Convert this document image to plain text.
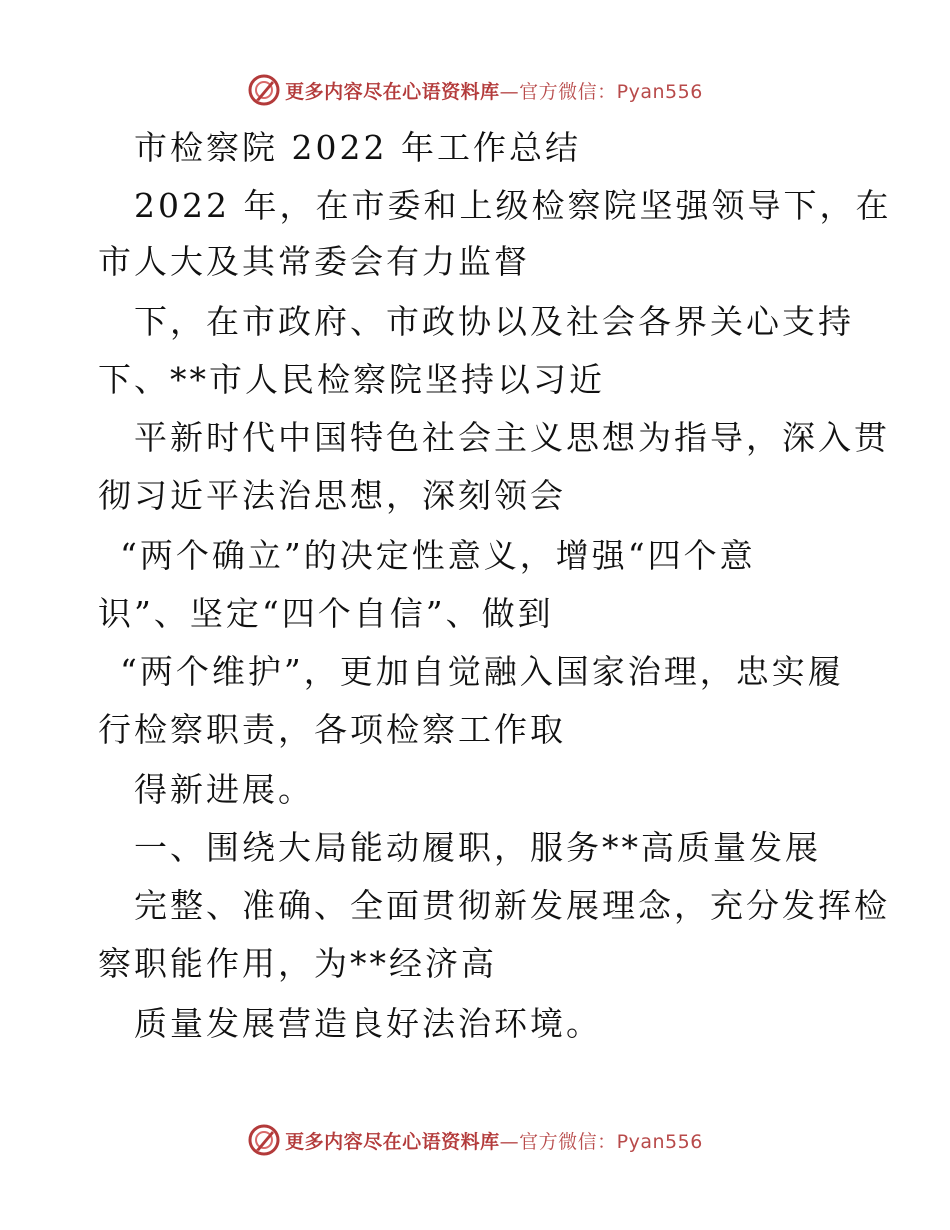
更多内容尽在心语资料库—官方微信：Pyan556
市检察院 2022 年工作总结
2022 年，在市委和上级检察院坚强领导下，在
市人大及其常委会有力监督
下，在市政府、市政协以及社会各界关心支持
下、**市人民检察院坚持以习近
平新时代中国特色社会主义思想为指导，深入贯
彻习近平法治思想，深刻领会
“两个确立”的决定性意义，增强“四个意
识”、坚定“四个自信”、做到
“两个维护”，更加自觉融入国家治理，忠实履
行检察职责，各项检察工作取
得新进展。
一、围绕大局能动履职，服务**高质量发展
完整、准确、全面贯彻新发展理念，充分发挥检
察职能作用，为**经济高
质量发展营造良好法治环境。
更多内容尽在心语资料库—官方微信：Pyan556
